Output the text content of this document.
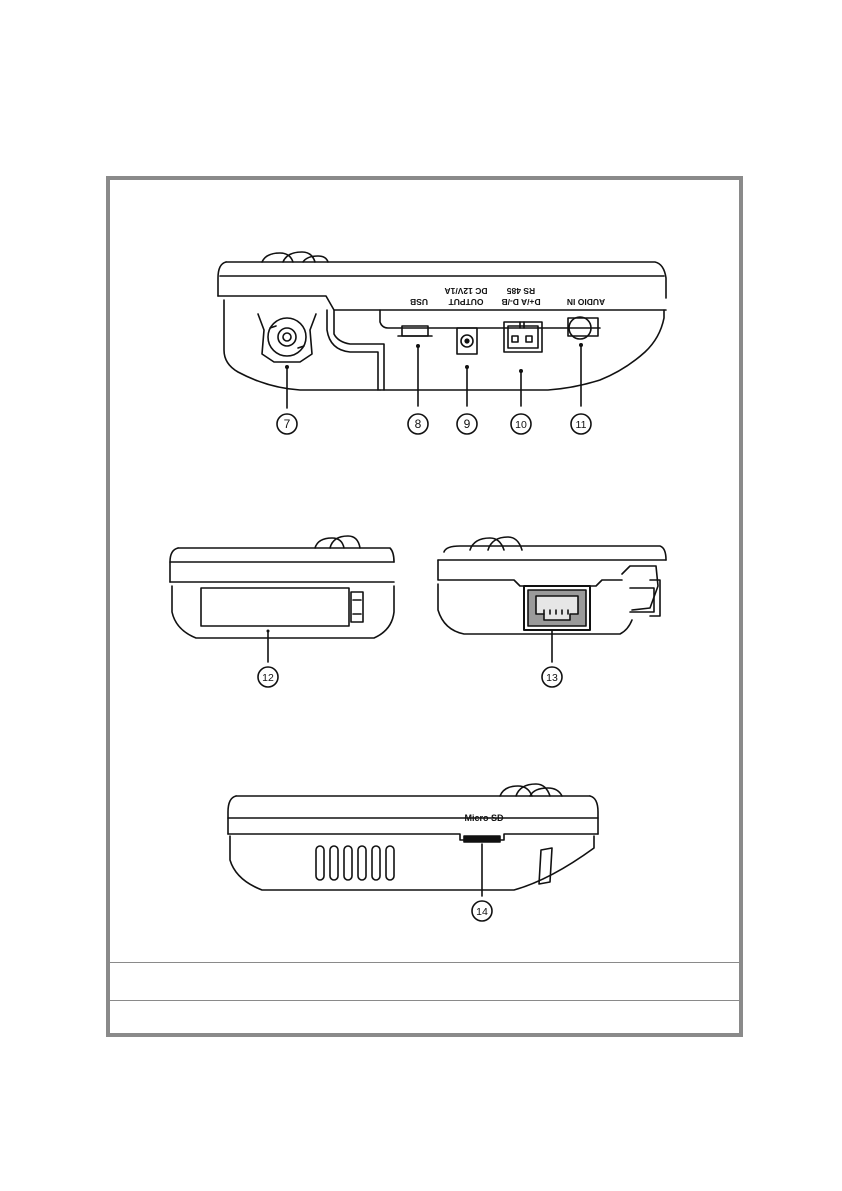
USB
DC 12V/1A
OUTPUT
RS 485
D+/A D-/B	AUDIO IN
Micro SD
7	8	9	10	11
12	13
14
